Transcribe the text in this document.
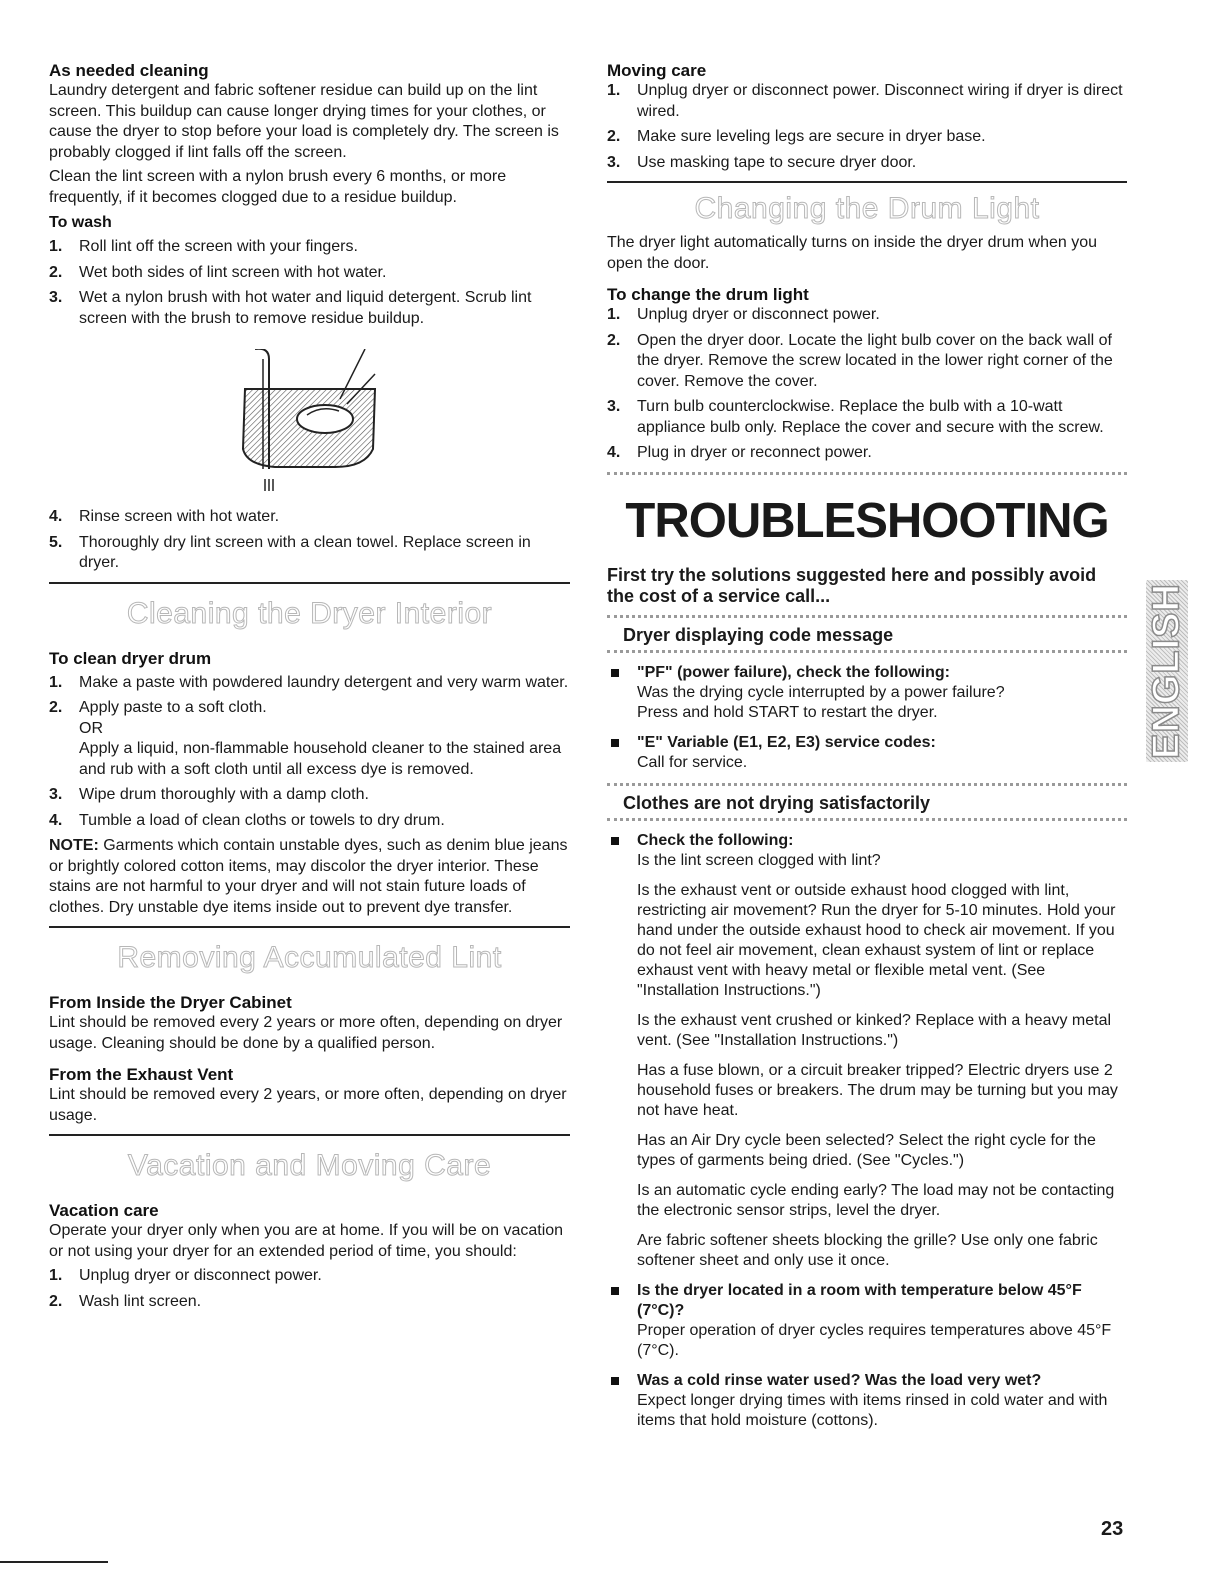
As needed cleaning

Laundry detergent and fabric softener residue can build up on the lint screen. This buildup can cause longer drying times for your clothes, or cause the dryer to stop before your load is completely dry. The screen is probably clogged if lint falls off the screen.

Clean the lint screen with a nylon brush every 6 months, or more frequently, if it becomes clogged due to a residue buildup.

To wash
1. Roll lint off the screen with your fingers.
2. Wet both sides of lint screen with hot water.
3. Wet a nylon brush with hot water and liquid detergent. Scrub lint screen with the brush to remove residue buildup.
4. Rinse screen with hot water.
5. Thoroughly dry lint screen with a clean towel. Replace screen in dryer.
Cleaning the Dryer Interior
To clean dryer drum
1. Make a paste with powdered laundry detergent and very warm water.
2. Apply paste to a soft cloth.
OR
Apply a liquid, non-flammable household cleaner to the stained area and rub with a soft cloth until all excess dye is removed.
3. Wipe drum thoroughly with a damp cloth.
4. Tumble a load of clean cloths or towels to dry drum.

NOTE: Garments which contain unstable dyes, such as denim blue jeans or brightly colored cotton items, may discolor the dryer interior. These stains are not harmful to your dryer and will not stain future loads of clothes. Dry unstable dye items inside out to prevent dye transfer.

Removing Accumulated Lint
From Inside the Dryer Cabinet

Lint should be removed every 2 years or more often, depending on dryer usage. Cleaning should be done by a qualified person.

From the Exhaust Vent

Lint should be removed every 2 years, or more often, depending on dryer usage.

Vacation and Moving Care
Vacation care

Operate your dryer only when you are at home. If you will be on vacation or not using your dryer for an extended period of time, you should:

1. Unplug dryer or disconnect power.
2. Wash lint screen.
Moving care
1. Unplug dryer or disconnect power. Disconnect wiring if dryer is direct wired.
2. Make sure leveling legs are secure in dryer base.
3. Use masking tape to secure dryer door.
Changing the Drum Light

The dryer light automatically turns on inside the dryer drum when you open the door.

To change the drum light
1. Unplug dryer or disconnect power.
2. Open the dryer door. Locate the light bulb cover on the back wall of the dryer. Remove the screw located in the lower right corner of the cover. Remove the cover.
3. Turn bulb counterclockwise. Replace the bulb with a 10-watt appliance bulb only. Replace the cover and secure with the screw.
4. Plug in dryer or reconnect power.
TROUBLESHOOTING

First try the solutions suggested here and possibly avoid the cost of a service call...

Dryer displaying code message
"PF" (power failure), check the following:
Was the drying cycle interrupted by a power failure?
Press and hold START to restart the dryer.
"E" Variable (E1, E2, E3) service codes:
Call for service.
Clothes are not drying satisfactorily
Check the following:
Is the lint screen clogged with lint?
Is the exhaust vent or outside exhaust hood clogged with lint, restricting air movement? Run the dryer for 5-10 minutes. Hold your hand under the outside exhaust hood to check air movement. If you do not feel air movement, clean exhaust system of lint or replace exhaust vent with heavy metal or flexible metal vent. (See "Installation Instructions.")
Is the exhaust vent crushed or kinked? Replace with a heavy metal vent. (See "Installation Instructions.")
Has a fuse blown, or a circuit breaker tripped? Electric dryers use 2 household fuses or breakers. The drum may be turning but you may not have heat.
Has an Air Dry cycle been selected? Select the right cycle for the types of garments being dried. (See "Cycles.")
Is an automatic cycle ending early? The load may not be contacting the electronic sensor strips, level the dryer.
Are fabric softener sheets blocking the grille? Use only one fabric softener sheet and only use it once.
Is the dryer located in a room with temperature below 45°F (7°C)?
Proper operation of dryer cycles requires temperatures above 45°F (7°C).
Was a cold rinse water used? Was the load very wet?
Expect longer drying times with items rinsed in cold water and with items that hold moisture (cottons).
ENGLISH
23
